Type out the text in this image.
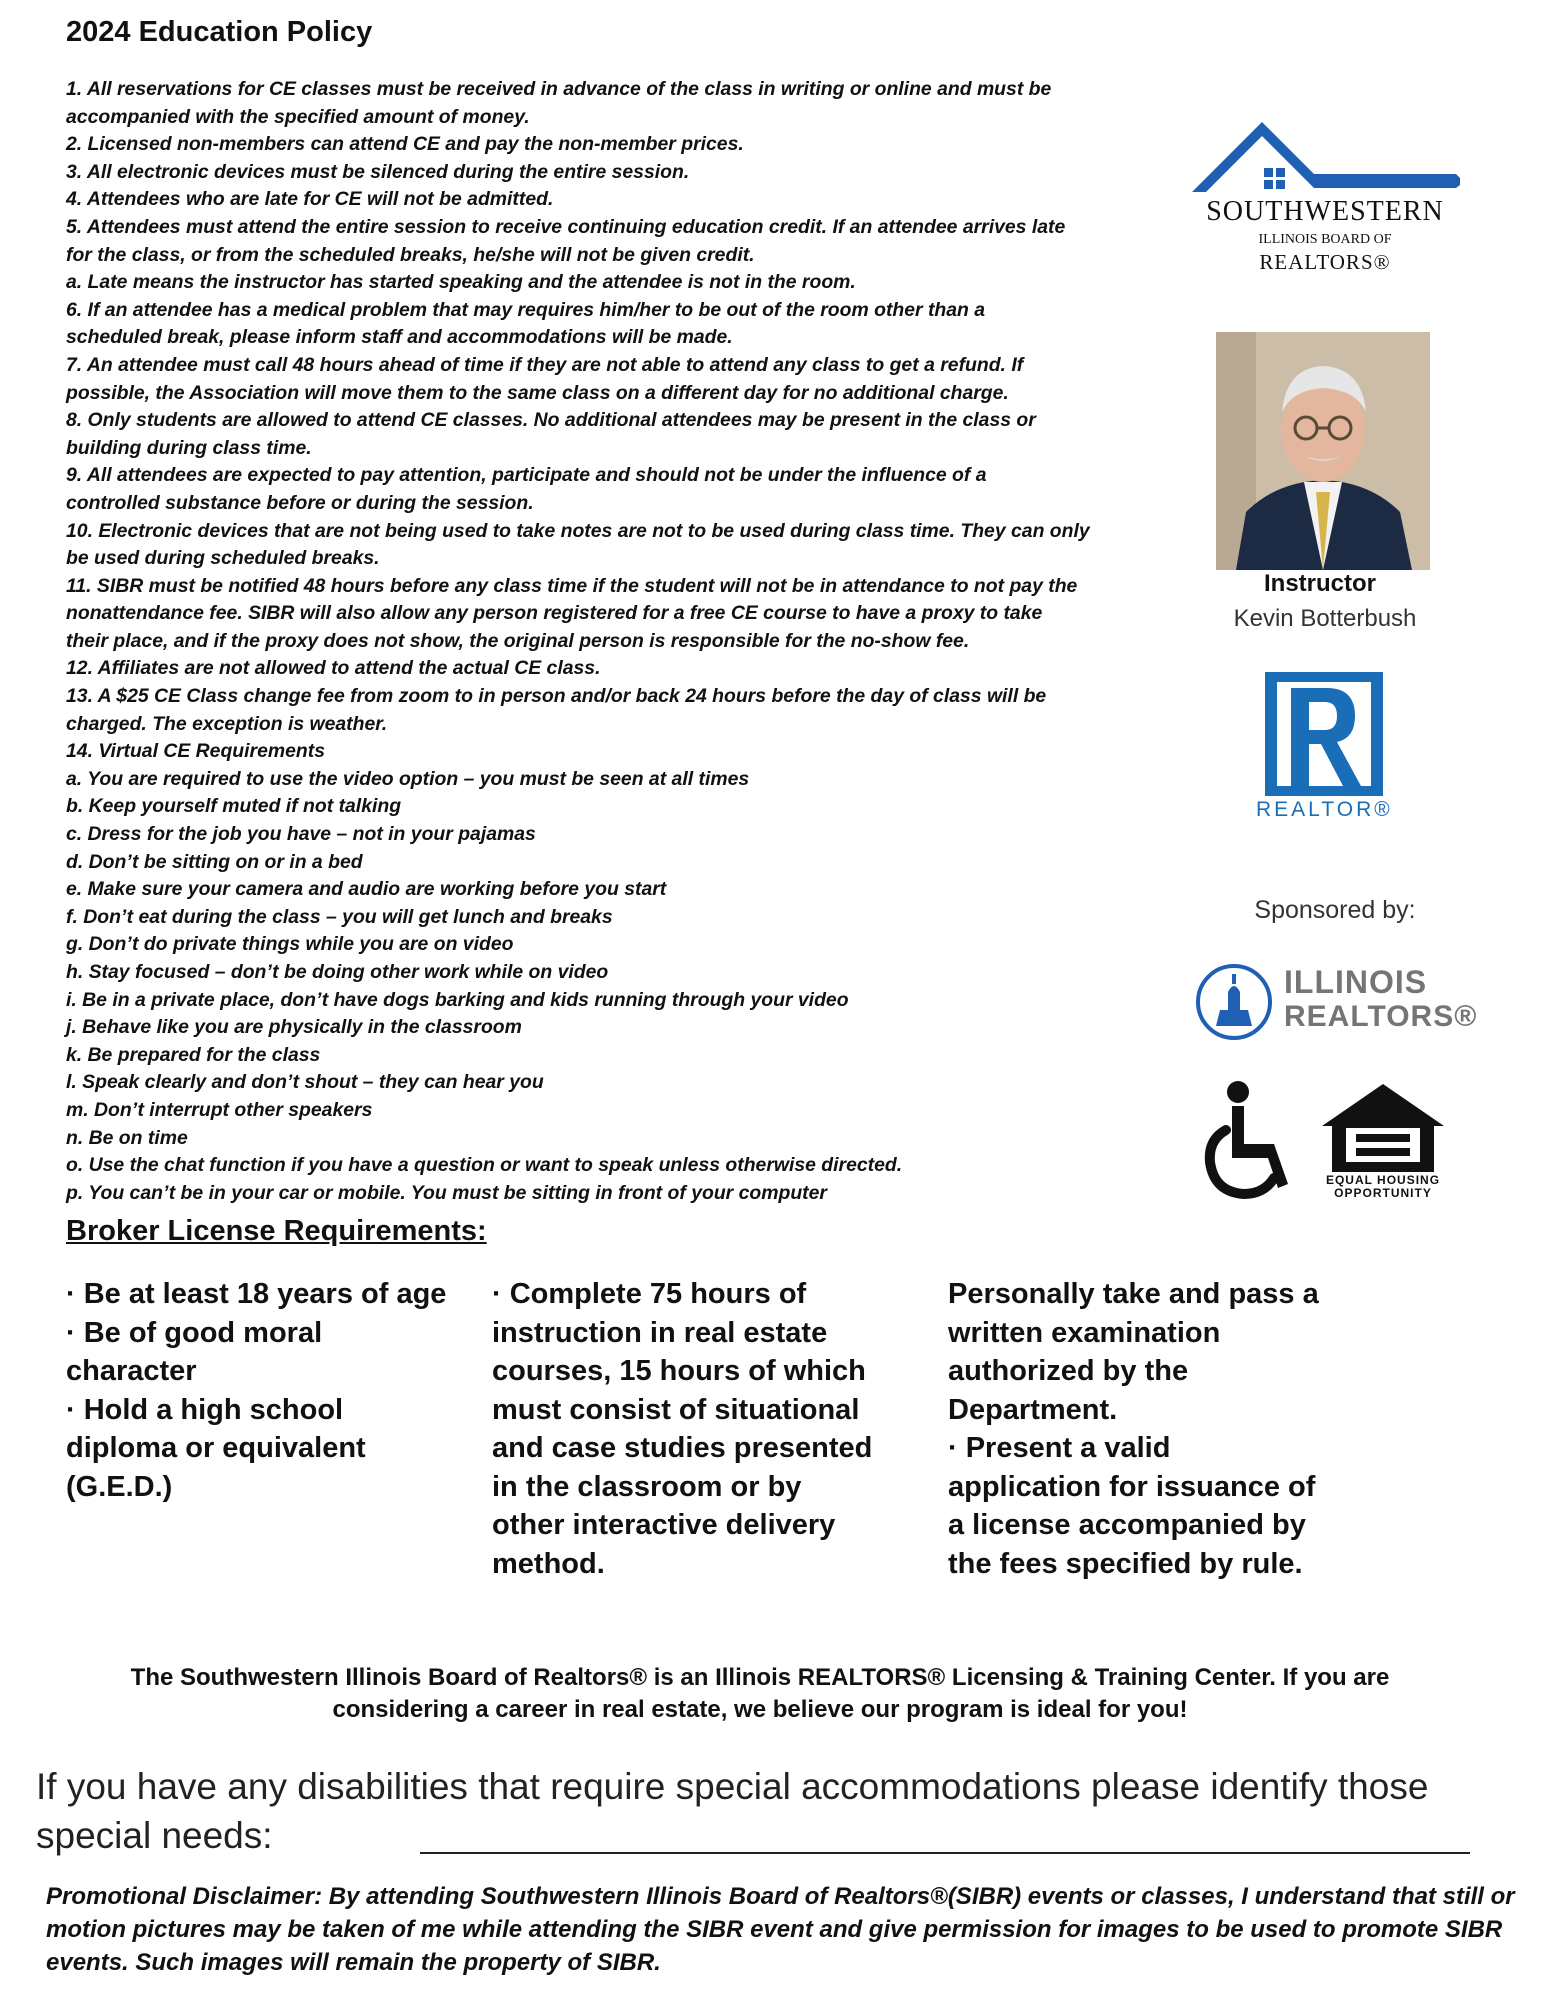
2024 Education Policy
1. All reservations for CE classes must be received in advance of the class in writing or online and must be
accompanied with the specified amount of money.
2. Licensed non-members can attend CE and pay the non-member prices.
3. All electronic devices must be silenced during the entire session.
4. Attendees who are late for CE will not be admitted.
5. Attendees must attend the entire session to receive continuing education credit. If an attendee arrives late
for the class, or from the scheduled breaks, he/she will not be given credit.
a. Late means the instructor has started speaking and the attendee is not in the room.
6. If an attendee has a medical problem that may requires him/her to be out of the room other than a
scheduled break, please inform staff and accommodations will be made.
7. An attendee must call 48 hours ahead of time if they are not able to attend any class to get a refund. If
possible, the Association will move them to the same class on a different day for no additional charge.
8. Only students are allowed to attend CE classes. No additional attendees may be present in the class or
building during class time.
9. All attendees are expected to pay attention, participate and should not be under the influence of a
controlled substance before or during the session.
10. Electronic devices that are not being used to take notes are not to be used during class time. They can only
be used during scheduled breaks.
11. SIBR must be notified 48 hours before any class time if the student will not be in attendance to not pay the
nonattendance fee. SIBR will also allow any person registered for a free CE course to have a proxy to take
their place, and if the proxy does not show, the original person is responsible for the no-show fee.
12. Affiliates are not allowed to attend the actual CE class.
13. A $25 CE Class change fee from zoom to in person and/or back 24 hours before the day of class will be
charged. The exception is weather.
14. Virtual CE Requirements
a. You are required to use the video option – you must be seen at all times
b. Keep yourself muted if not talking
c. Dress for the job you have – not in your pajamas
d. Don’t be sitting on or in a bed
e. Make sure your camera and audio are working before you start
f. Don’t eat during the class – you will get lunch and breaks
g. Don’t do private things while you are on video
h. Stay focused – don’t be doing other work while on video
i. Be in a private place, don’t have dogs barking and kids running through your video
j. Behave like you are physically in the classroom
k. Be prepared for the class
l. Speak clearly and don’t shout – they can hear you
m. Don’t interrupt other speakers
n. Be on time
o. Use the chat function if you have a question or want to speak unless otherwise directed.
p. You can’t be in your car or mobile. You must be sitting in front of your computer
SOUTHWESTERN
ILLINOIS BOARD OF
REALTORS®
Instructor
Kevin Botterbush
REALTOR®
Sponsored by:
ILLINOIS
REALTORS®
EQUAL HOUSING
OPPORTUNITY
Broker License Requirements:
· Be at least 18 years of age
· Be of good moral
character
· Hold a high school
diploma or equivalent
(G.E.D.)
· Complete 75 hours of
instruction in real estate
courses, 15 hours of which
must consist of situational
and case studies presented
in the classroom or by
other interactive delivery
method.
Personally take and pass a
written examination
authorized by the
Department.
· Present a valid
application for issuance of
a license accompanied by
the fees specified by rule.
The Southwestern Illinois Board of Realtors® is an Illinois REALTORS® Licensing & Training Center. If you are considering a career in real estate, we believe our program is ideal for you!
If you have any disabilities that require special accommodations please identify those special needs:
Promotional Disclaimer: By attending Southwestern Illinois Board of Realtors®(SIBR) events or classes, I understand that still or motion pictures may be taken of me while attending the SIBR event and give permission for images to be used to promote SIBR events. Such images will remain the property of SIBR.
